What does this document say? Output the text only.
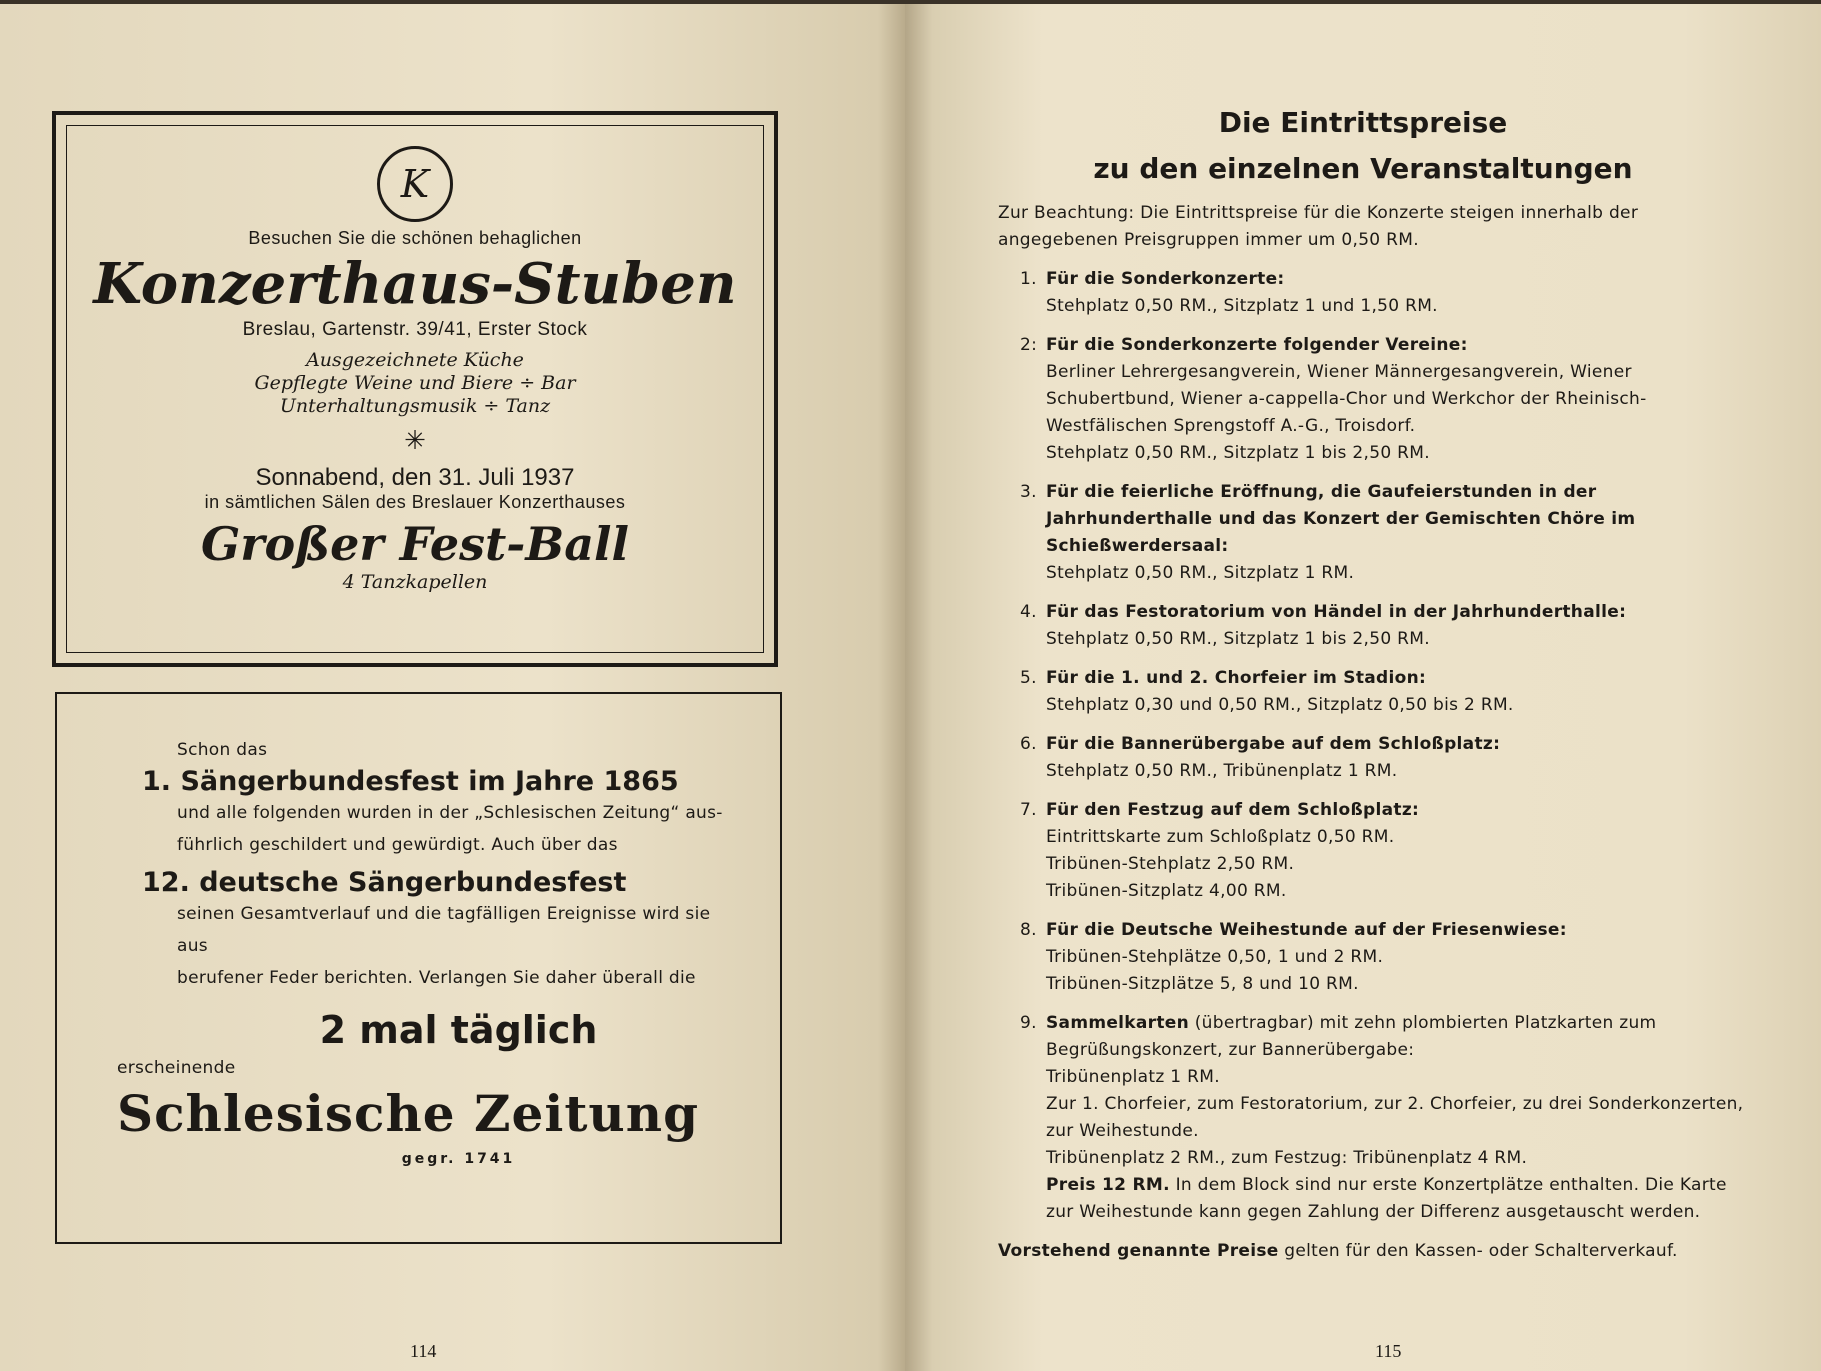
K
Besuchen Sie die schönen behaglichen
Konzerthaus-Stuben
Breslau, Gartenstr. 39/41, Erster Stock
Ausgezeichnete Küche
Gepflegte Weine und Biere ÷ Bar
Unterhaltungsmusik ÷ Tanz
✳
Sonnabend, den 31. Juli 1937
in sämtlichen Sälen des Breslauer Konzerthauses
Großer Fest-Ball
4 Tanzkapellen
Schon das
1. Sängerbundesfest im Jahre 1865
und alle folgenden wurden in der „Schlesischen Zeitung“ aus-
führlich geschildert und gewürdigt. Auch über das
12. deutsche Sängerbundesfest
seinen Gesamtverlauf und die tagfälligen Ereignisse wird sie aus
berufener Feder berichten. Verlangen Sie daher überall die
2 mal täglich
erscheinende
Schlesische Zeitung
gegr. 1741
114	115
Die Eintrittspreise
zu den einzelnen Veranstaltungen

Zur Beachtung: Die Eintrittspreise für die Konzerte steigen innerhalb der angegebenen Preisgruppen immer um 0,50 RM.

1. Für die Sonderkonzerte:

Stehplatz 0,50 RM., Sitzplatz 1 und 1,50 RM.

2: Für die Sonderkonzerte folgender Vereine:

Berliner Lehrergesangverein, Wiener Männergesangverein, Wiener Schubertbund, Wiener a-cappella-Chor und Werkchor der Rheinisch-Westfälischen Sprengstoff A.-G., Troisdorf.

Stehplatz 0,50 RM., Sitzplatz 1 bis 2,50 RM.

3. Für die feierliche Eröffnung, die Gaufeierstunden in der Jahrhunderthalle und das Konzert der Gemischten Chöre im Schießwerdersaal:

Stehplatz 0,50 RM., Sitzplatz 1 RM.

4. Für das Festoratorium von Händel in der Jahrhunderthalle:

Stehplatz 0,50 RM., Sitzplatz 1 bis 2,50 RM.

5. Für die 1. und 2. Chorfeier im Stadion:

Stehplatz 0,30 und 0,50 RM., Sitzplatz 0,50 bis 2 RM.

6. Für die Bannerübergabe auf dem Schloßplatz:

Stehplatz 0,50 RM., Tribünenplatz 1 RM.

7. Für den Festzug auf dem Schloßplatz:

Eintrittskarte zum Schloßplatz 0,50 RM.

Tribünen-Stehplatz 2,50 RM.

Tribünen-Sitzplatz 4,00 RM.

8. Für die Deutsche Weihestunde auf der Friesenwiese:

Tribünen-Stehplätze 0,50, 1 und 2 RM.

Tribünen-Sitzplätze 5, 8 und 10 RM.

9. Sammelkarten (übertragbar) mit zehn plombierten Platzkarten zum Begrüßungskonzert, zur Bannerübergabe:

Tribünenplatz 1 RM.

Zur 1. Chorfeier, zum Festoratorium, zur 2. Chorfeier, zu drei Sonderkonzerten, zur Weihestunde.

Tribünenplatz 2 RM., zum Festzug: Tribünenplatz 4 RM.

Preis 12 RM. In dem Block sind nur erste Konzertplätze enthalten. Die Karte zur Weihestunde kann gegen Zahlung der Differenz ausgetauscht werden.

Vorstehend genannte Preise gelten für den Kassen- oder Schalterverkauf.
